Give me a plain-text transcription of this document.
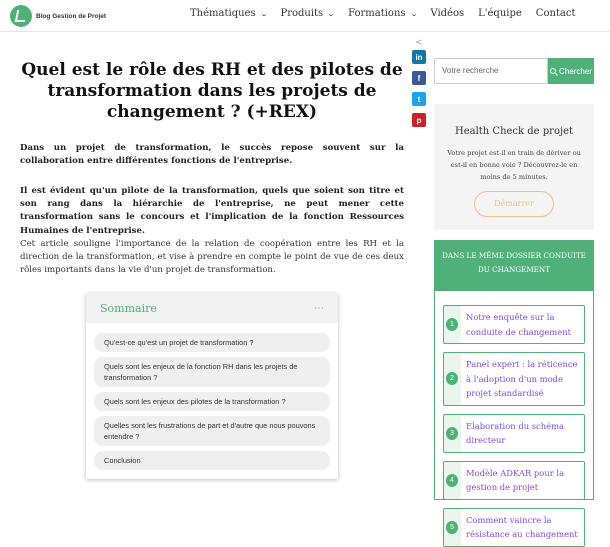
Blog Gestion de Projet	Thématiques ⌄ Produits ⌄ Formations ⌄ Vidéos L'équipe Contact
<
in
f
t
p
Quel est le rôle des RH et des pilotes de transformation dans les projets de changement ? (+REX)

Dans un projet de transformation, le succès repose souvent sur la collaboration entre différentes fonctions de l'entreprise.

Il est évident qu'un pilote de la transformation, quels que soient son titre et son rang dans la hiérarchie de l'entreprise, ne peut mener cette transformation sans le concours et l'implication de la fonction Ressources Humaines de l'entreprise.

Cet article souligne l'importance de la relation de coopération entre les RH et la direction de la transformation, et vise à prendre en compte le point de vue de ces deux rôles importants dans la vie d'un projet de transformation.

Sommaire	⋯
Qu'est-ce qu'est un projet de transformation ?
Quels sont les enjeux de la fonction RH dans les projets de transformation ?
Quels sont les enjeux des pilotes de la transformation ?
Quelles sont les frustrations de part et d'autre que nous pouvons entendre ?
Conclusion
Votre recherche	Chercher
Health Check de projet
Votre projet est-il en train de dériver ou est-il en bonne voie ? Découvrez-le en moins de 5 minutes.
Démarrer
DANS LE MÊME DOSSIER CONDUITE DU CHANGEMENT
1
Notre enquête sur la conduite de changement
2
Panel expert : la réticence à l'adoption d'un mode projet standardisé
3
Elaboration du schéma directeur
4
Modèle ADKAR pour la gestion de projet
5
Comment vaincre la résistance au changement
